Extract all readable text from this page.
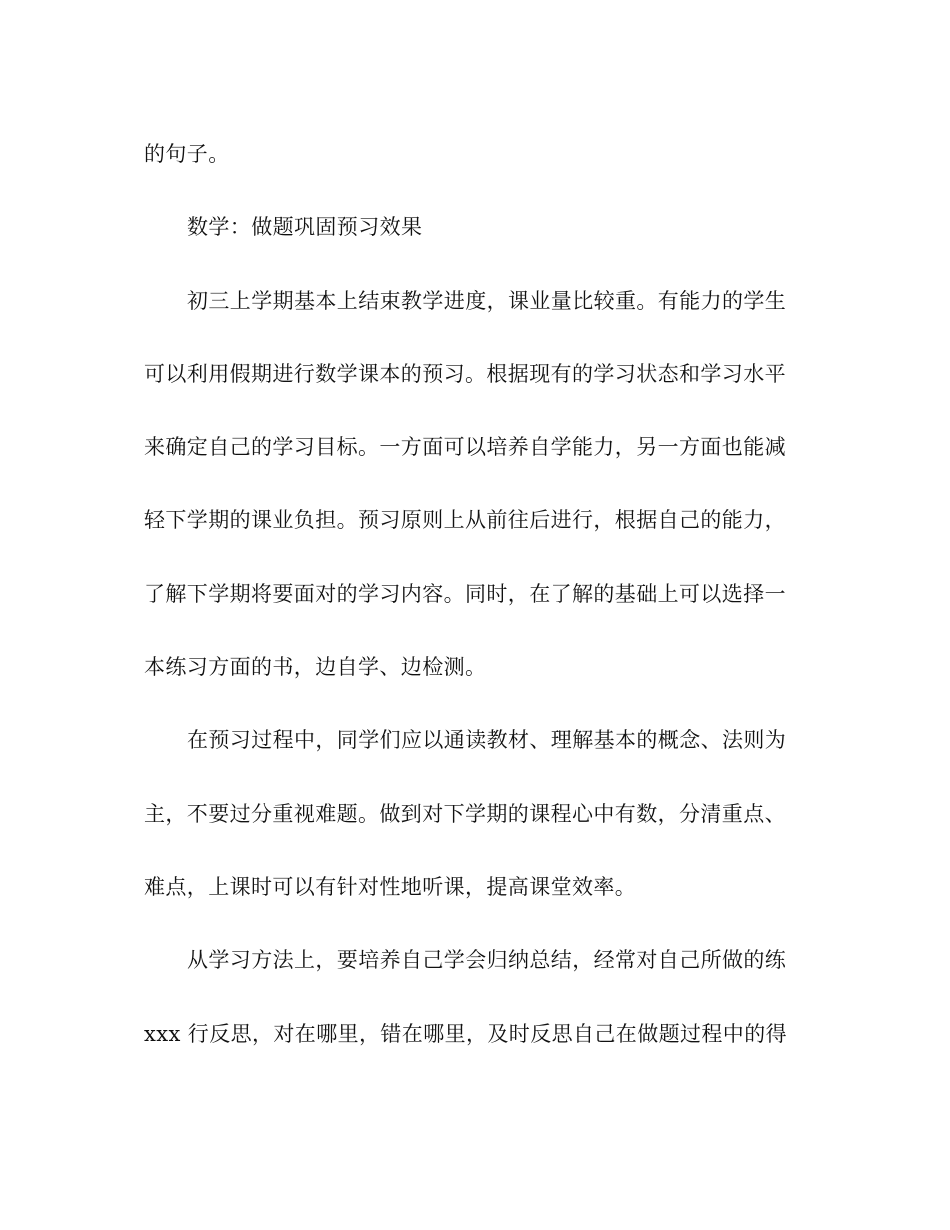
的句子。
数学：做题巩固预习效果
初三上学期基本上结束教学进度，课业量比较重。有能力的学生
可以利用假期进行数学课本的预习。根据现有的学习状态和学习水平
来确定自己的学习目标。一方面可以培养自学能力，另一方面也能减
轻下学期的课业负担。预习原则上从前往后进行，根据自己的能力，
了解下学期将要面对的学习内容。同时，在了解的基础上可以选择一
本练习方面的书，边自学、边检测。
在预习过程中，同学们应以通读教材、理解基本的概念、法则为
主，不要过分重视难题。做到对下学期的课程心中有数，分清重点、
难点，上课时可以有针对性地听课，提高课堂效率。
从学习方法上，要培养自己学会归纳总结，经常对自己所做的练
xxx 行反思，对在哪里，错在哪里，及时反思自己在做题过程中的得
